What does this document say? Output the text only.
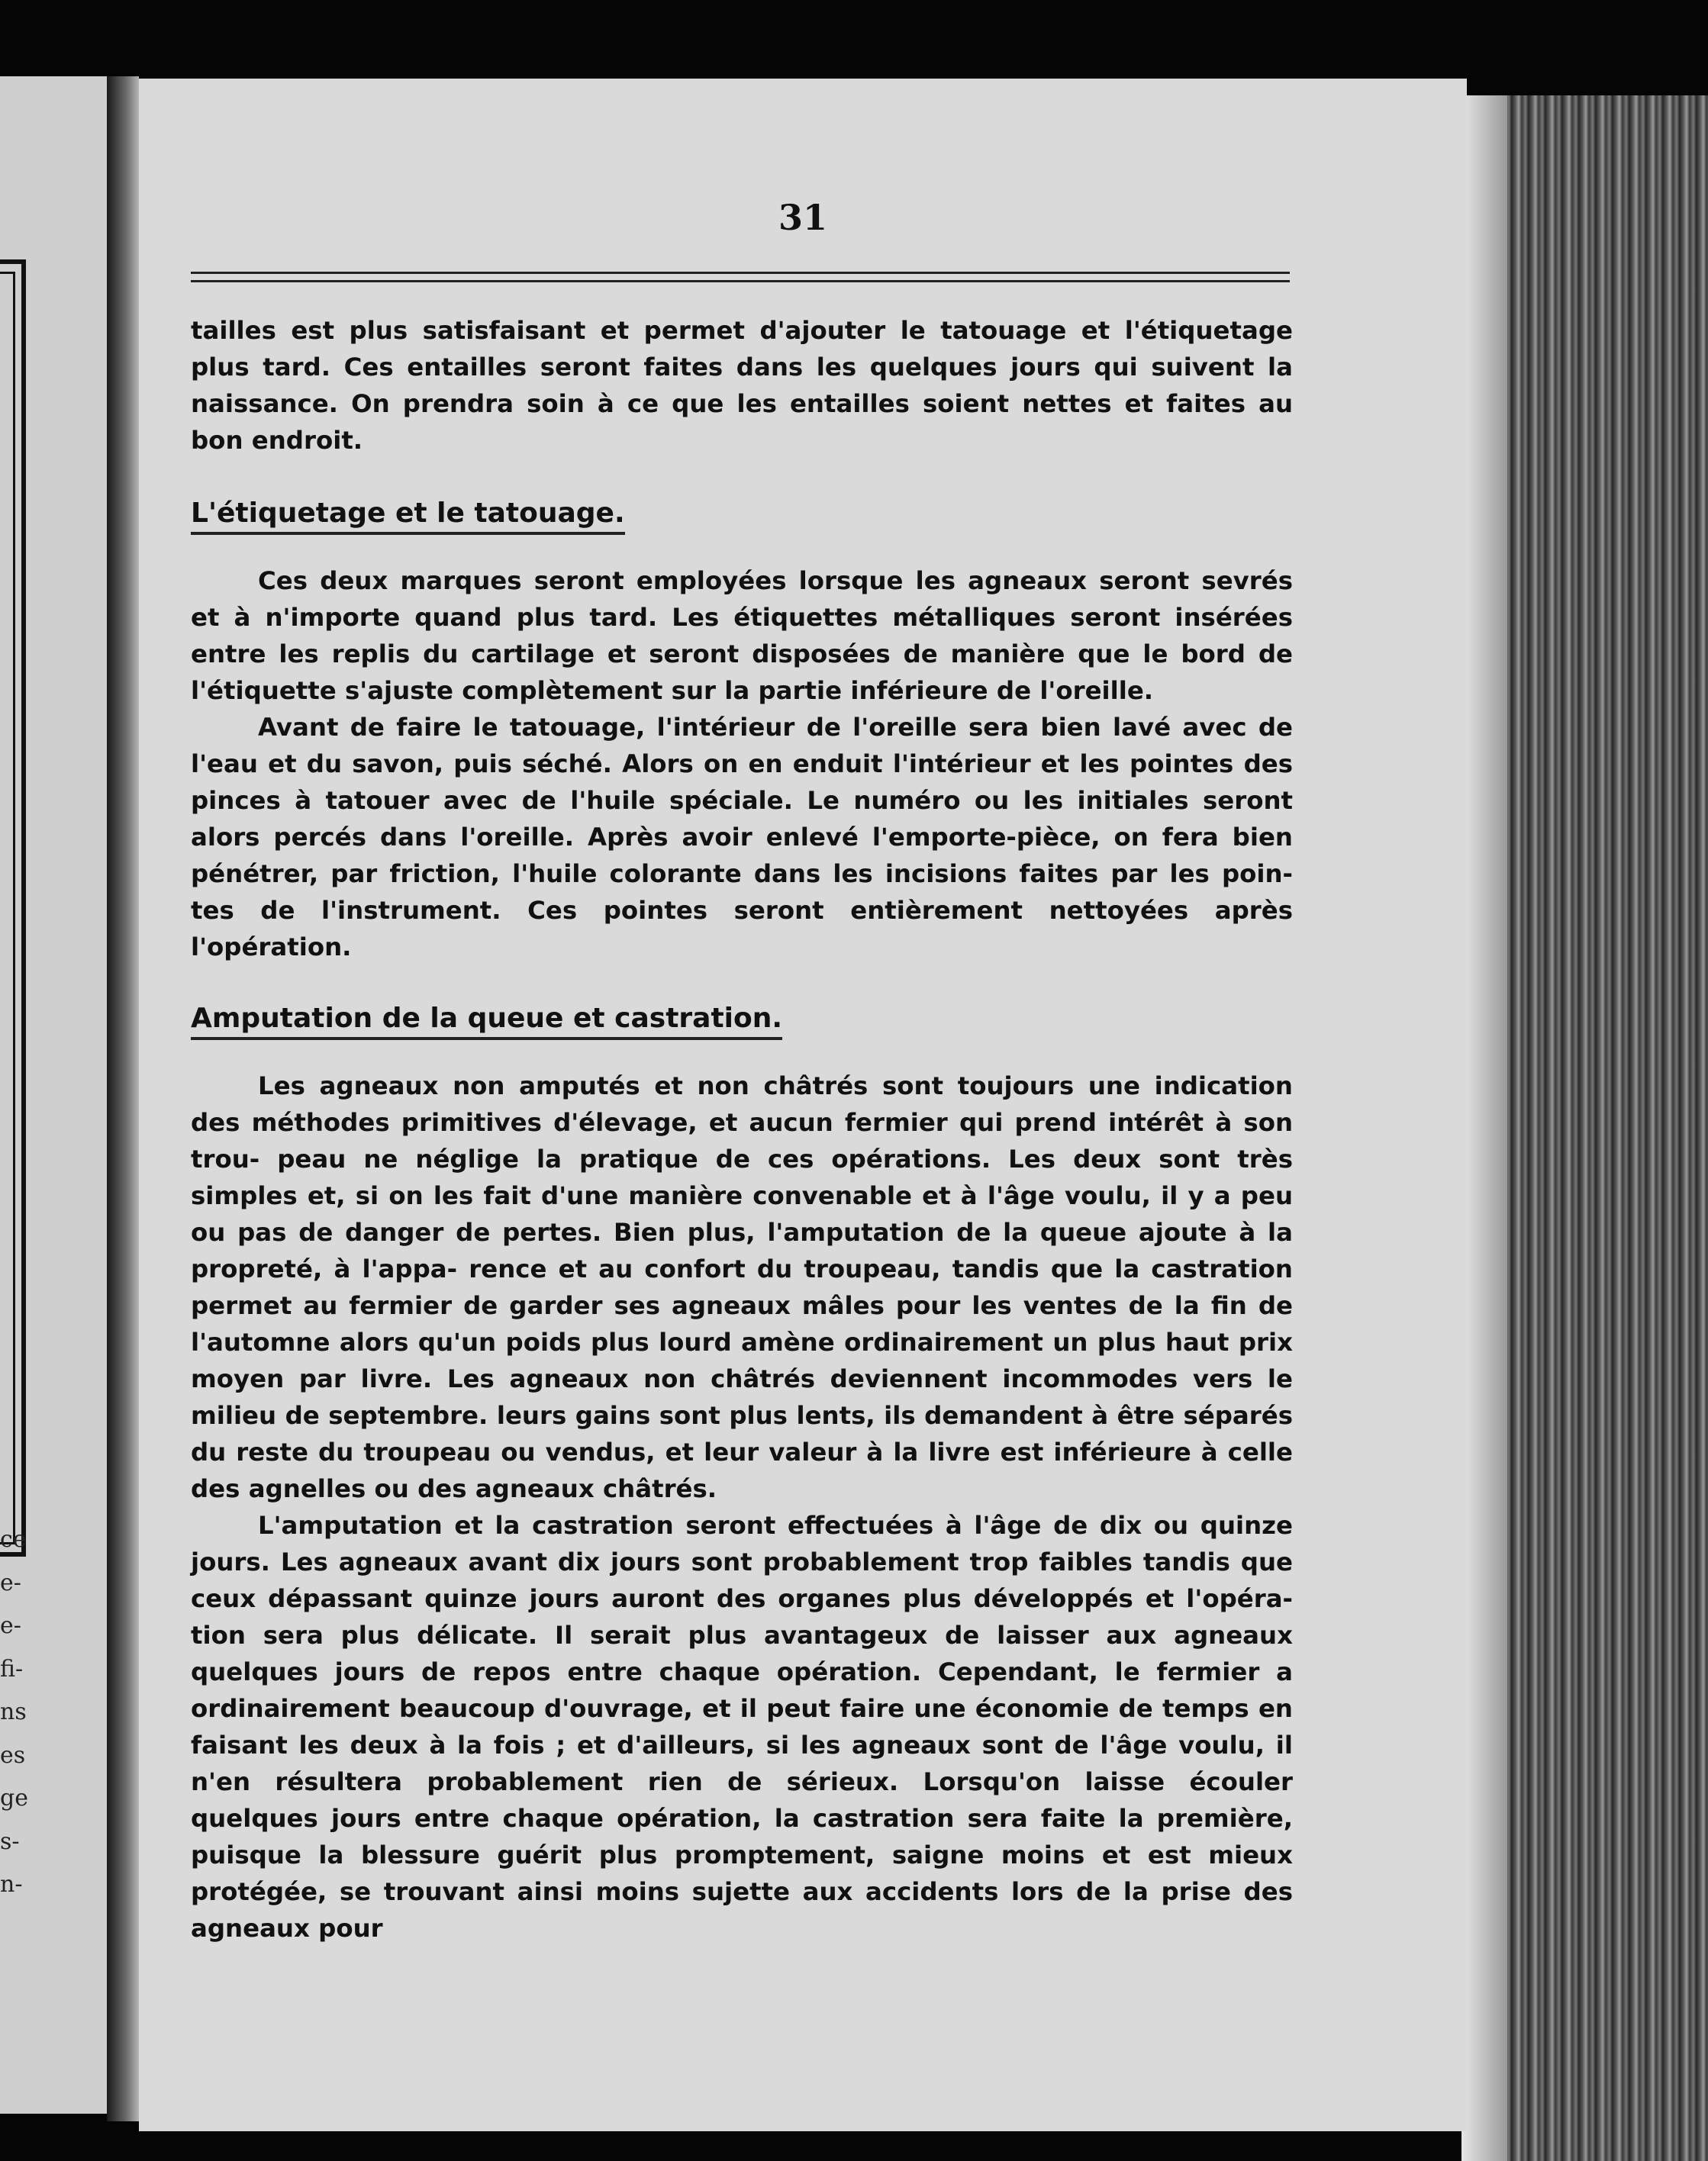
ce
e-
e-
fi-
ns
es
ge
s-
n-
31

tailles est plus satisfaisant et permet d'ajouter le tatouage et l'étiquetage plus tard. Ces entailles seront faites dans les quelques jours qui suivent la naissance. On prendra soin à ce que les entailles soient nettes et faites au bon endroit.

L'étiquetage et le tatouage.

Ces deux marques seront employées lorsque les agneaux seront sevrés et à n'importe quand plus tard. Les étiquettes métalliques seront insérées entre les replis du cartilage et seront disposées de manière que le bord de l'étiquette s'ajuste complètement sur la partie inférieure de l'oreille.

Avant de faire le tatouage, l'intérieur de l'oreille sera bien lavé avec de l'eau et du savon, puis séché. Alors on en enduit l'intérieur et les pointes des pinces à tatouer avec de l'huile spéciale. Le numéro ou les initiales seront alors percés dans l'oreille. Après avoir enlevé l'emporte-pièce, on fera bien pénétrer, par friction, l'huile colorante dans les incisions faites par les poin- tes de l'instrument. Ces pointes seront entièrement nettoyées après l'opération.

Amputation de la queue et castration.

Les agneaux non amputés et non châtrés sont toujours une indication des méthodes primitives d'élevage, et aucun fermier qui prend intérêt à son trou- peau ne néglige la pratique de ces opérations. Les deux sont très simples et, si on les fait d'une manière convenable et à l'âge voulu, il y a peu ou pas de danger de pertes. Bien plus, l'amputation de la queue ajoute à la propreté, à l'appa- rence et au confort du troupeau, tandis que la castration permet au fermier de garder ses agneaux mâles pour les ventes de la fin de l'automne alors qu'un poids plus lourd amène ordinairement un plus haut prix moyen par livre. Les agneaux non châtrés deviennent incommodes vers le milieu de septembre. leurs gains sont plus lents, ils demandent à être séparés du reste du troupeau ou vendus, et leur valeur à la livre est inférieure à celle des agnelles ou des agneaux châtrés.

L'amputation et la castration seront effectuées à l'âge de dix ou quinze jours. Les agneaux avant dix jours sont probablement trop faibles tandis que ceux dépassant quinze jours auront des organes plus développés et l'opéra- tion sera plus délicate. Il serait plus avantageux de laisser aux agneaux quelques jours de repos entre chaque opération. Cependant, le fermier a ordinairement beaucoup d'ouvrage, et il peut faire une économie de temps en faisant les deux à la fois ; et d'ailleurs, si les agneaux sont de l'âge voulu, il n'en résultera probablement rien de sérieux. Lorsqu'on laisse écouler quelques jours entre chaque opération, la castration sera faite la première, puisque la blessure guérit plus promptement, saigne moins et est mieux protégée, se trouvant ainsi moins sujette aux accidents lors de la prise des agneaux pour
